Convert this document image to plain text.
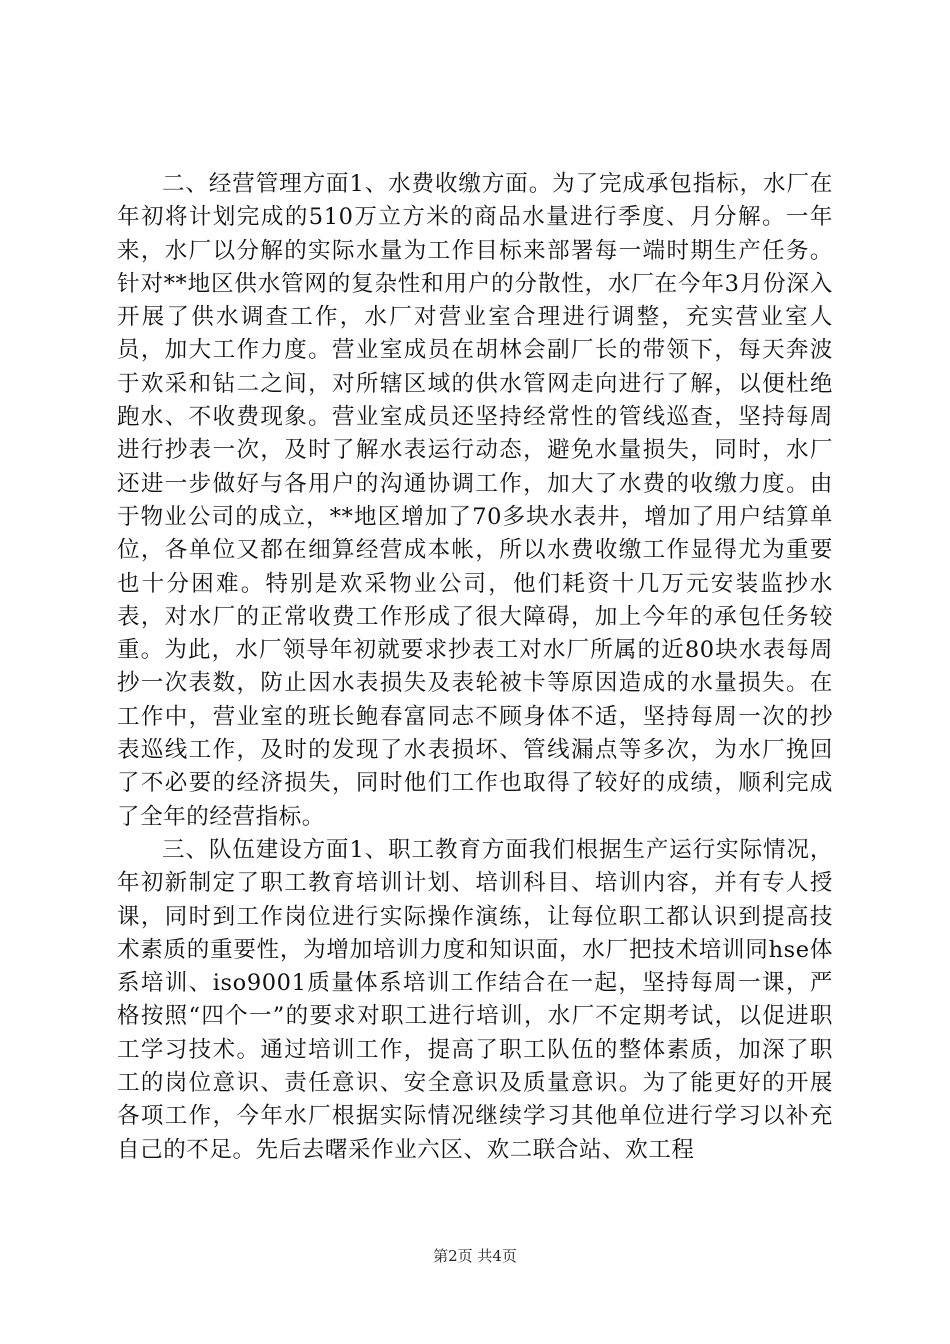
二、经营管理方面1、水费收缴方面。为了完成承包指标，水厂在年初将计划完成的510万立方米的商品水量进行季度、月分解。一年来，水厂以分解的实际水量为工作目标来部署每一端时期生产任务。针对**地区供水管网的复杂性和用户的分散性，水厂在今年3月份深入开展了供水调查工作，水厂对营业室合理进行调整，充实营业室人员，加大工作力度。营业室成员在胡林会副厂长的带领下，每天奔波于欢采和钻二之间，对所辖区域的供水管网走向进行了解，以便杜绝跑水、不收费现象。营业室成员还坚持经常性的管线巡查，坚持每周进行抄表一次，及时了解水表运行动态，避免水量损失，同时，水厂还进一步做好与各用户的沟通协调工作，加大了水费的收缴力度。由于物业公司的成立，**地区增加了70多块水表井，增加了用户结算单位，各单位又都在细算经营成本帐，所以水费收缴工作显得尤为重要也十分困难。特别是欢采物业公司，他们耗资十几万元安装监抄水表，对水厂的正常收费工作形成了很大障碍，加上今年的承包任务较重。为此，水厂领导年初就要求抄表工对水厂所属的近80块水表每周抄一次表数，防止因水表损失及表轮被卡等原因造成的水量损失。在工作中，营业室的班长鲍春富同志不顾身体不适，坚持每周一次的抄表巡线工作，及时的发现了水表损坏、管线漏点等多次，为水厂挽回了不必要的经济损失，同时他们工作也取得了较好的成绩，顺利完成了全年的经营指标。

三、队伍建设方面1、职工教育方面我们根据生产运行实际情况，年初新制定了职工教育培训计划、培训科目、培训内容，并有专人授课，同时到工作岗位进行实际操作演练，让每位职工都认识到提高技术素质的重要性，为增加培训力度和知识面，水厂把技术培训同hse体系培训、iso9001质量体系培训工作结合在一起，坚持每周一课，严格按照“四个一”的要求对职工进行培训，水厂不定期考试，以促进职工学习技术。通过培训工作，提高了职工队伍的整体素质，加深了职工的岗位意识、责任意识、安全意识及质量意识。为了能更好的开展各项工作，今年水厂根据实际情况继续学习其他单位进行学习以补充自己的不足。先后去曙采作业六区、欢二联合站、欢工程

第2页 共4页
